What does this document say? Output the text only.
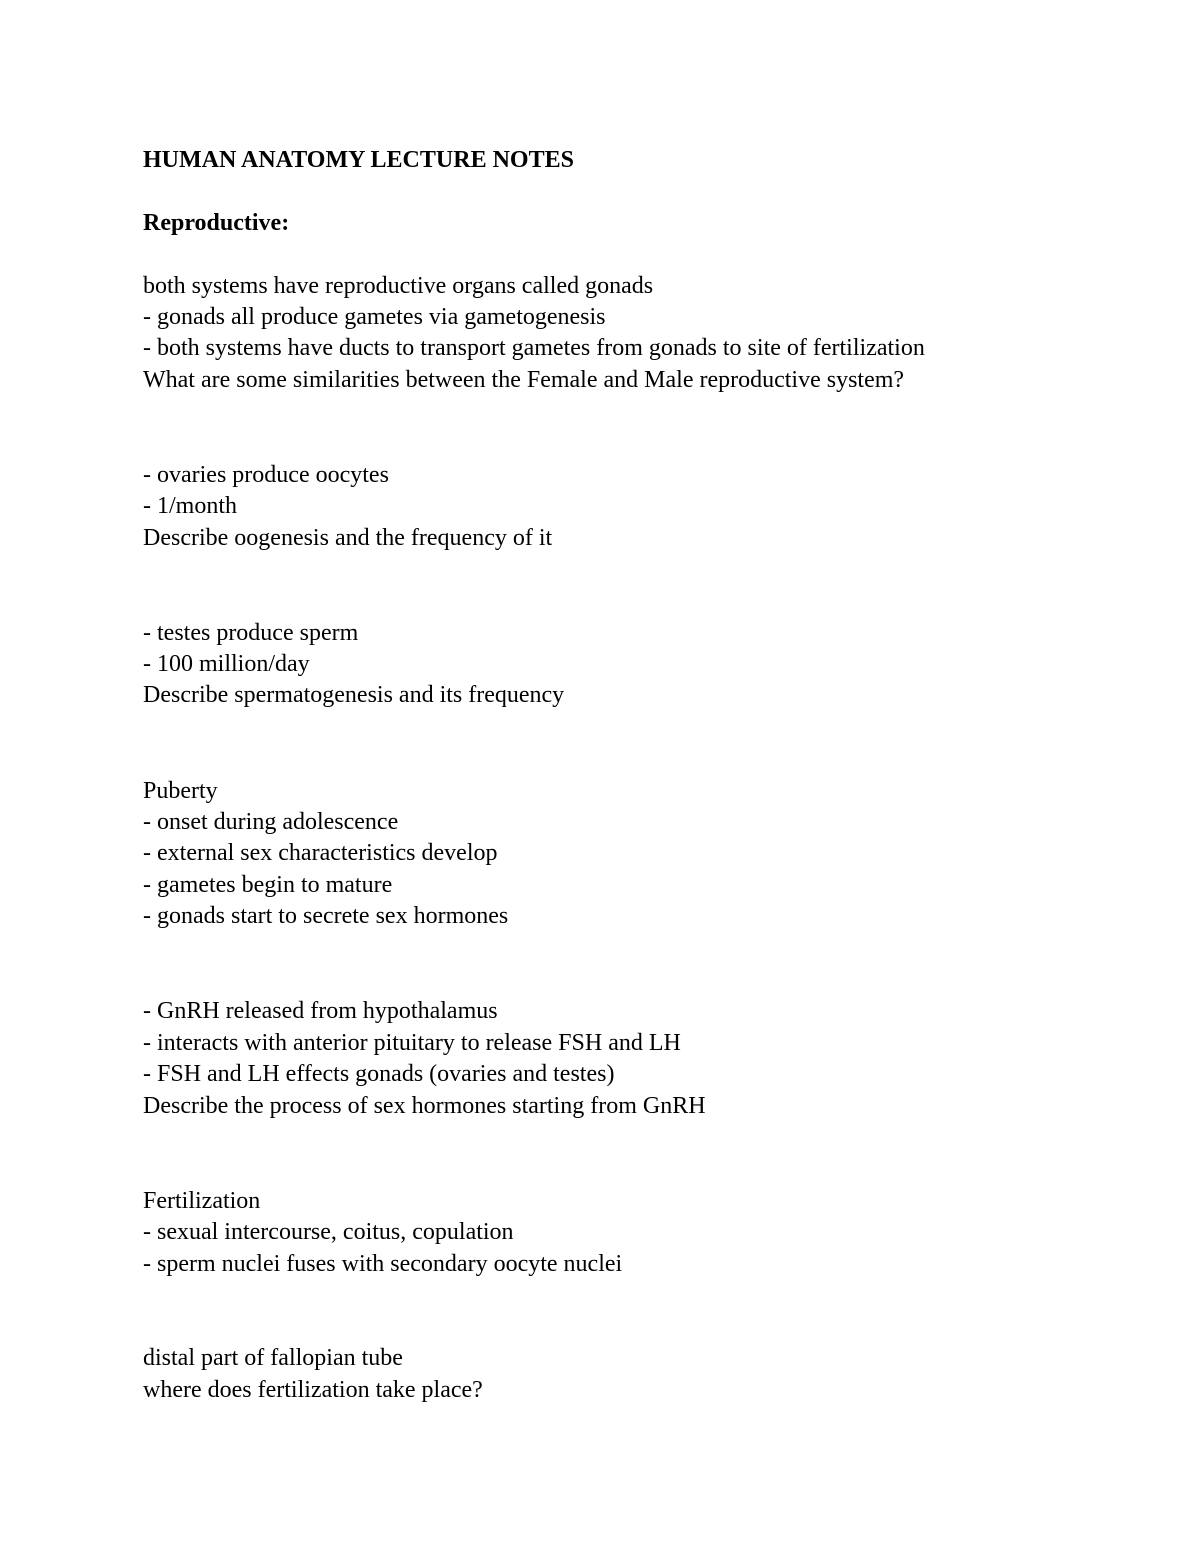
HUMAN ANATOMY LECTURE NOTES
Reproductive:
both systems have reproductive organs called gonads
- gonads all produce gametes via gametogenesis
- both systems have ducts to transport gametes from gonads to site of fertilization
What are some similarities between the Female and Male reproductive system?
- ovaries produce oocytes
- 1/month
Describe oogenesis and the frequency of it
- testes produce sperm
- 100 million/day
Describe spermatogenesis and its frequency
Puberty
- onset during adolescence
- external sex characteristics develop
- gametes begin to mature
- gonads start to secrete sex hormones
- GnRH released from hypothalamus
- interacts with anterior pituitary to release FSH and LH
- FSH and LH effects gonads (ovaries and testes)
Describe the process of sex hormones starting from GnRH
Fertilization
- sexual intercourse, coitus, copulation
- sperm nuclei fuses with secondary oocyte nuclei
distal part of fallopian tube
where does fertilization take place?
